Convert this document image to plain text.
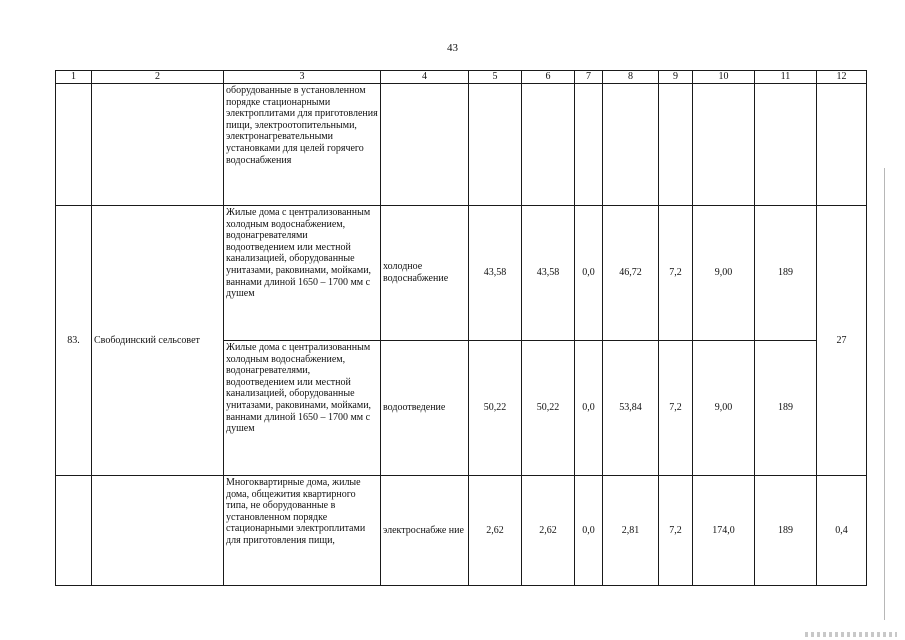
43
1	2	3	4	5	6	7	8	9	10	11	12
		оборудованные в установленном порядке стационарными электроплитами для приготовления пищи, электроотопительными, электронагревательными установками для целей горячего водоснабжения									
83.	Свободинский сельсовет	Жилые дома с централизованным холодным водоснабжением, водонагревателями водоотведением или местной канализацией, оборудованные унитазами, раковинами, мойками, ваннами длиной 1650 – 1700 мм с душем	холодное водоснабжение	43,58	43,58	0,0	46,72	7,2	9,00	189	27
		Жилые дома с централизованным холодным водоснабжением, водонагревателями, водоотведением или местной канализацией, оборудованные унитазами, раковинами, мойками, ваннами длиной 1650 – 1700 мм с душем	водоотведение	50,22	50,22	0,0	53,84	7,2	9,00	189	
		Многоквартирные дома, жилые дома, общежития квартирного типа, не оборудованные в установленном порядке стационарными электроплитами для приготовления пищи,	электроснабже ние	2,62	2,62	0,0	2,81	7,2	174,0	189	0,4
